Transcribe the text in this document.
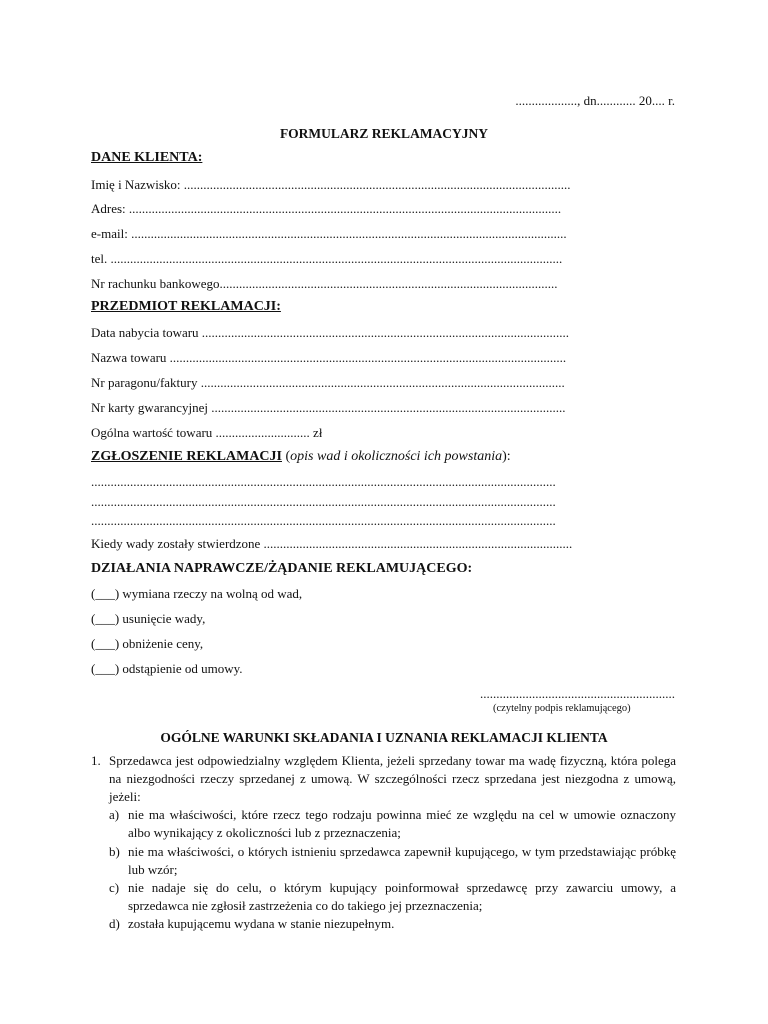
..................., dn............ 20.... r.
FORMULARZ REKLAMACYJNY
DANE KLIENTA:
Imię i Nazwisko: .......................................................................................................................
Adres: .....................................................................................................................................
e-mail: ......................................................................................................................................
tel. ...........................................................................................................................................
Nr rachunku bankowego........................................................................................................
PRZEDMIOT REKLAMACJI:
Data nabycia towaru .................................................................................................................
Nazwa towaru ..........................................................................................................................
Nr paragonu/faktury ................................................................................................................
Nr karty gwarancyjnej .............................................................................................................
Ogólna wartość towaru ............................. zł
ZGŁOSZENIE REKLAMACJI (opis wad i okoliczności ich powstania):
...............................................................................................................................................
...............................................................................................................................................
...............................................................................................................................................
Kiedy wady zostały stwierdzone ...............................................................................................
DZIAŁANIA NAPRAWCZE/ŻĄDANIE REKLAMUJĄCEGO:
(___) wymiana rzeczy na wolną od wad,
(___) usunięcie wady,
(___) obniżenie ceny,
(___) odstąpienie od umowy.
............................................................
(czytelny podpis reklamującego)
OGÓLNE WARUNKI SKŁADANIA I UZNANIA REKLAMACJI KLIENTA
1. Sprzedawca jest odpowiedzialny względem Klienta, jeżeli sprzedany towar ma wadę fizyczną, która polega na niezgodności rzeczy sprzedanej z umową. W szczególności rzecz sprzedana jest niezgodna z umową, jeżeli:
a) nie ma właściwości, które rzecz tego rodzaju powinna mieć ze względu na cel w umowie oznaczony albo wynikający z okoliczności lub z przeznaczenia;
b) nie ma właściwości, o których istnieniu sprzedawca zapewnił kupującego, w tym przedstawiając próbkę lub wzór;
c) nie nadaje się do celu, o którym kupujący poinformował sprzedawcę przy zawarciu umowy, a sprzedawca nie zgłosił zastrzeżenia co do takiego jej przeznaczenia;
d) została kupującemu wydana w stanie niezupełnym.
